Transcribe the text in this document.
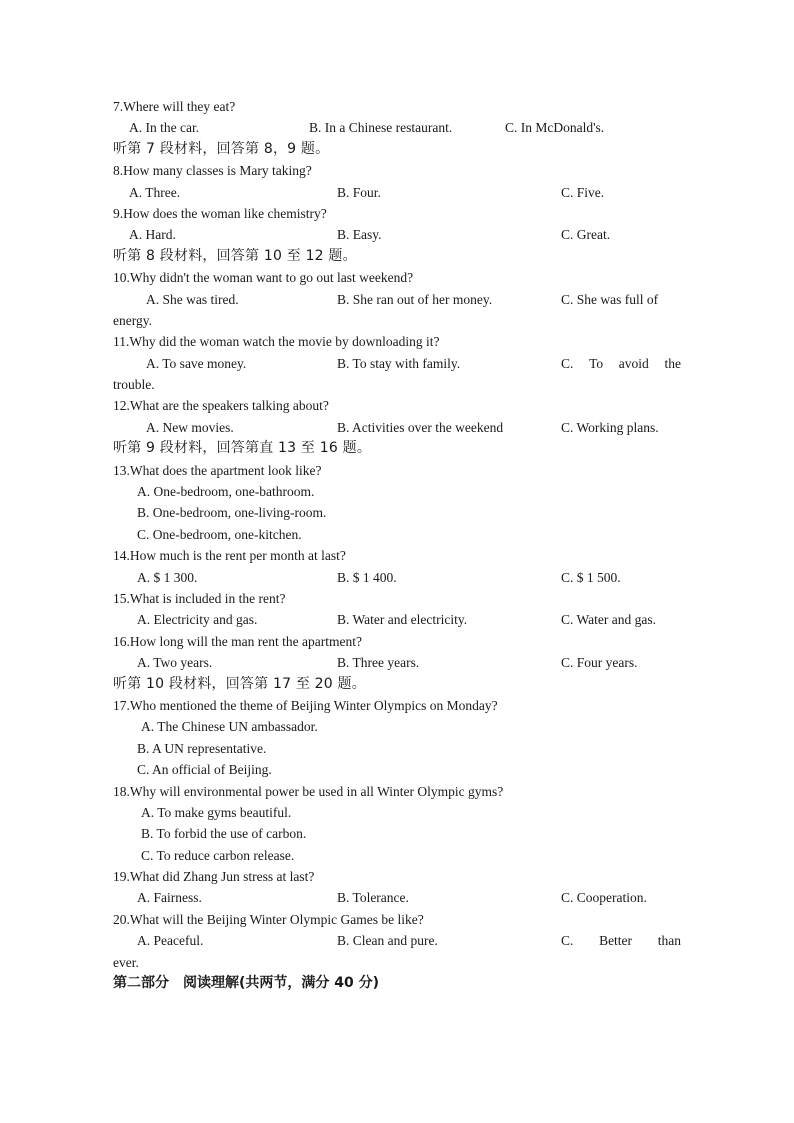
7.Where will they eat?
A. In the car.	B. In a Chinese restaurant.	C. In McDonald's.
听第 7 段材料，回答第 8，9 题。
8.How many classes is Mary taking?
A. Three.	B. Four.	C. Five.
9.How does the woman like chemistry?
A. Hard.	B. Easy.	C. Great.
听第 8 段材料，回答第 10 至 12 题。
10.Why didn't the woman want to go out last weekend?
A. She was tired.	B. She ran out of her money.	C. She was full of
energy.
11.Why did the woman watch the movie by downloading it?
A. To save money.	B. To stay with family.	C. To avoid the
trouble.
12.What are the speakers talking about?
A. New movies.	B. Activities over the weekend	C. Working plans.
听第 9 段材料，回答第直 13 至 16 题。
13.What does the apartment look like?
A. One-bedroom, one-bathroom.
B. One-bedroom, one-living-room.
C. One-bedroom, one-kitchen.
14.How much is the rent per month at last?
A. $ 1 300.	B. $ 1 400.	C. $ 1 500.
15.What is included in the rent?
A. Electricity and gas.	B. Water and electricity.	C. Water and gas.
16.How long will the man rent the apartment?
A. Two years.	B. Three years.	C. Four years.
听第 10 段材料，回答第 17 至 20 题。
17.Who mentioned the theme of Beijing Winter Olympics on Monday?
A. The Chinese UN ambassador.
B. A UN representative.
C. An official of Beijing.
18.Why will environmental power be used in all Winter Olympic gyms?
A. To make gyms beautiful.
B. To forbid the use of carbon.
C. To reduce carbon release.
19.What did Zhang Jun stress at last?
A. Fairness.	B. Tolerance.	C. Cooperation.
20.What will the Beijing Winter Olympic Games be like?
A. Peaceful.	B. Clean and pure.	C. Better than
ever.
第二部分　阅读理解(共两节，满分 40 分)
